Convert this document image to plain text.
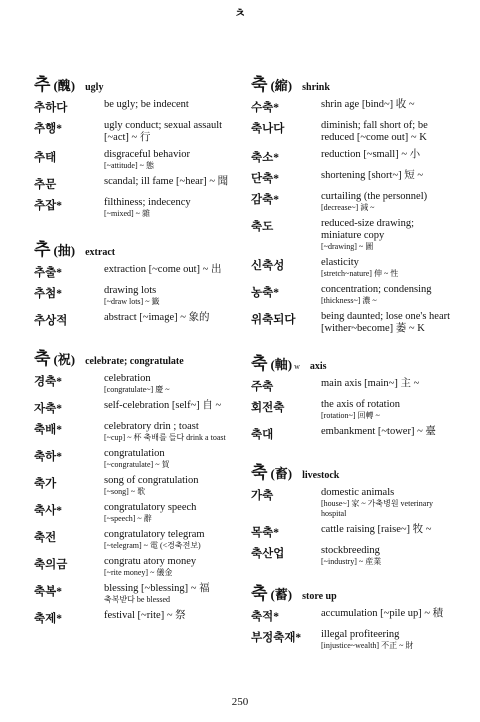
ㅊ
추 (醜) ugly
추하다	be ugly; be indecent
추행*	ugly conduct; sexual assault [~act] ~ 行
추태	disgraceful behavior
[~attitude] ~ 態
추문	scandal; ill fame [~hear] ~ 聞
추잡*	filthiness; indecency
[~mixed] ~ 雜
추 (抽) extract
추출*	extraction [~come out] ~ 出
추첨*	drawing lots
[~draw lots] ~ 籤
추상적	abstract [~image] ~ 象的
축 (祝) celebrate; congratulate
경축*	celebration
[congratulate~] 慶 ~
자축*	self-celebration [self~] 自 ~
축배*	celebratory drin ; toast
[~cup] ~ 杯 축배를 들다 drink a toast
축하*	congratulation
[~congratulate] ~ 賀
축가	song of congratulation
[~song] ~ 歌
축사*	congratulatory speech
[~speech] ~ 辭
축전	congratulatory telegram
[~telegram] ~ 電 (<경축전보)
축의금	congratu atory money
[~rite money] ~ 儀金
축복*	blessing [~blessing] ~ 福
축복받다 be blessed
축제*	festival [~rite] ~ 祭
축 (縮) shrink
수축*	shrin age [bind~] 收 ~
축나다	diminish; fall short of; be reduced [~come out] ~ K
축소*	reduction [~small] ~ 小
단축*	shortening [short~] 短 ~
감축*	curtailing (the personnel)
[decrease~] 減 ~
축도	reduced-size drawing; miniature copy
[~drawing] ~ 圖
신축성	elasticity
[stretch~nature] 伸 ~ 性
농축*	concentration; condensing
[thickness~] 濃 ~
위축되다	being daunted; lose one's heart [wither~become] 萎 ~ K
축 (軸) w axis
주축	main axis [main~] 主 ~
회전축	the axis of rotation
[rotation~] 回轉 ~
축대	embankment [~tower] ~ 臺
축 (畜) livestock
가축	domestic animals
[house~] 家 ~ 가축병원 veterinary hospital
목축*	cattle raising [raise~] 牧 ~
축산업	stockbreeding
[~industry] ~ 産業
축 (蓄) store up
축적*	accumulation [~pile up] ~ 積
부정축재*	illegal profiteering
[injustice~wealth] 不正 ~ 財
250
